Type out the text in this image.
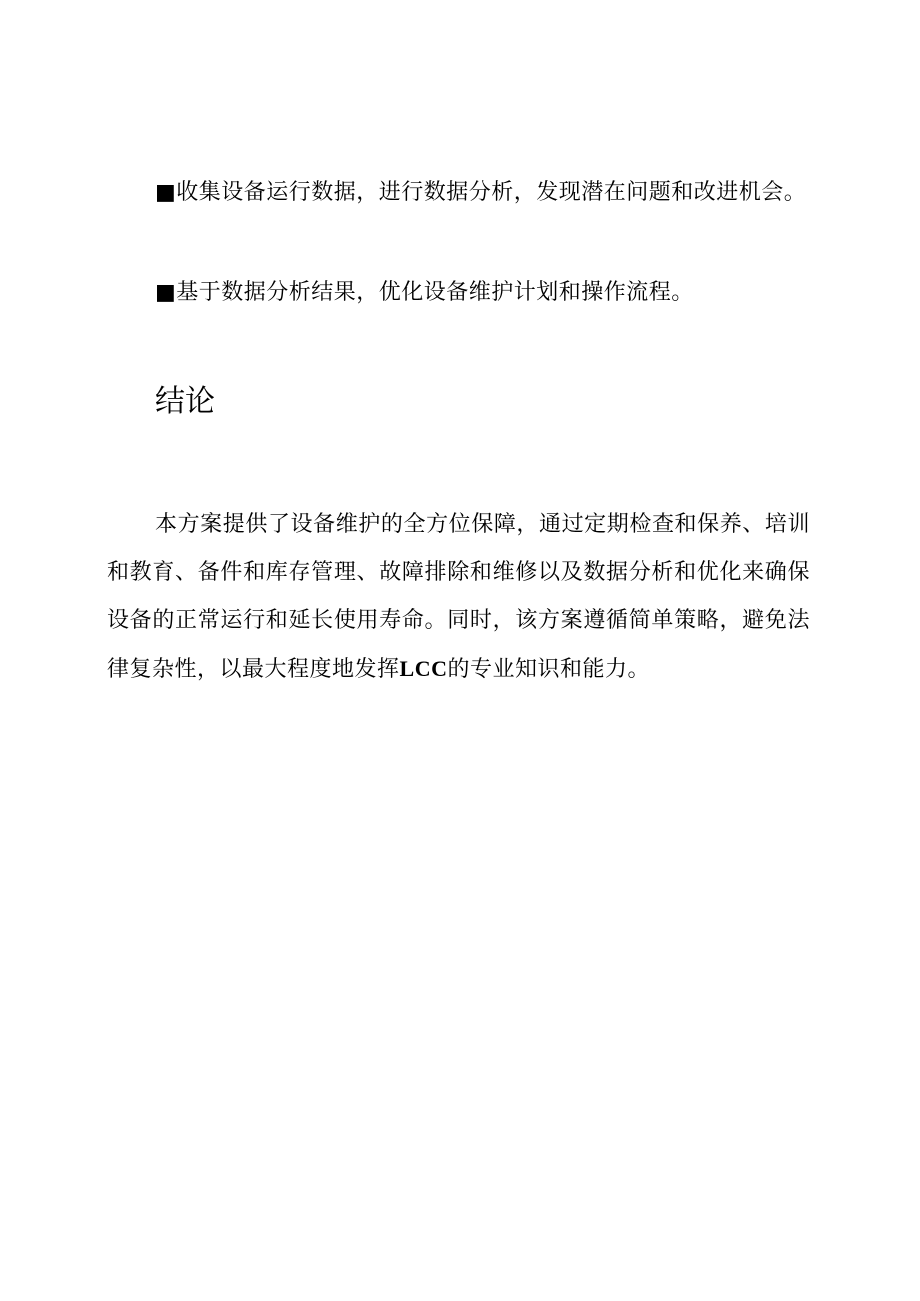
■收集设备运行数据，进行数据分析，发现潜在问题和改进机会。

■基于数据分析结果，优化设备维护计划和操作流程。

结论

本方案提供了设备维护的全方位保障，通过定期检查和保养、培训和教育、备件和库存管理、故障排除和维修以及数据分析和优化来确保设备的正常运行和延长使用寿命。同时，该方案遵循简单策略，避免法律复杂性，以最大程度地发挥LCC的专业知识和能力。
